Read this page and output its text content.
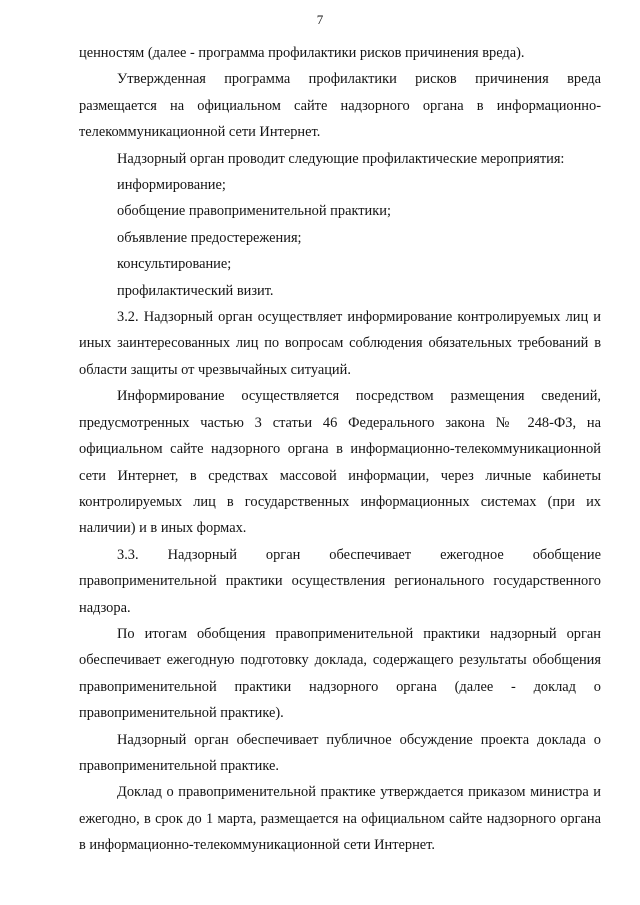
7

ценностям (далее - программа профилактики рисков причинения вреда).

Утвержденная программа профилактики рисков причинения вреда размещается на официальном сайте надзорного органа в информационно-телекоммуникационной сети Интернет.

Надзорный орган проводит следующие профилактические мероприятия:

информирование;

обобщение правоприменительной практики;

объявление предостережения;

консультирование;

профилактический визит.

3.2. Надзорный орган осуществляет информирование контролируемых лиц и иных заинтересованных лиц по вопросам соблюдения обязательных требований в области защиты от чрезвычайных ситуаций.

Информирование осуществляется посредством размещения сведений, предусмотренных частью 3 статьи 46 Федерального закона № 248-ФЗ, на официальном сайте надзорного органа в информационно-телекоммуникационной сети Интернет, в средствах массовой информации, через личные кабинеты контролируемых лиц в государственных информационных системах (при их наличии) и в иных формах.

3.3. Надзорный орган обеспечивает ежегодное обобщение правоприменительной практики осуществления регионального государственного надзора.

По итогам обобщения правоприменительной практики надзорный орган обеспечивает ежегодную подготовку доклада, содержащего результаты обобщения правоприменительной практики надзорного органа (далее - доклад о правоприменительной практике).

Надзорный орган обеспечивает публичное обсуждение проекта доклада о правоприменительной практике.

Доклад о правоприменительной практике утверждается приказом министра и ежегодно, в срок до 1 марта, размещается на официальном сайте надзорного органа в информационно-телекоммуникационной сети Интернет.
